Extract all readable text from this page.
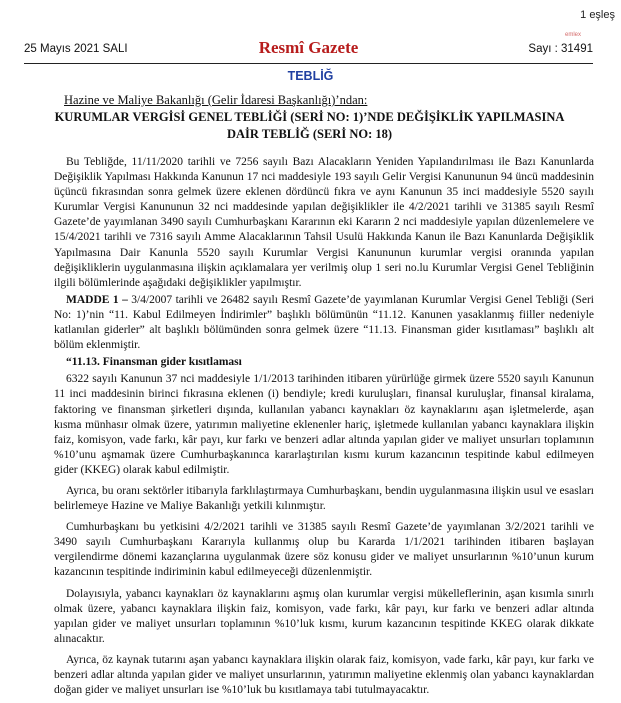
1 eşleş
25 Mayıs 2021 SALI	Resmî Gazete
emlex
Sayı : 31491
TEBLİĞ
Hazine ve Maliye Bakanlığı (Gelir İdaresi Başkanlığı)’ndan:
KURUMLAR VERGİSİ GENEL TEBLİĞİ (SERİ NO: 1)’NDE DEĞİŞİKLİK YAPILMASINA DAİR TEBLİĞ (SERİ NO: 18)

Bu Tebliğde, 11/11/2020 tarihli ve 7256 sayılı Bazı Alacakların Yeniden Yapılandırılması ile Bazı Kanunlarda Değişiklik Yapılması Hakkında Kanunun 17 nci maddesiyle 193 sayılı Gelir Vergisi Kanununun 94 üncü maddesinin üçüncü fıkrasından sonra gelmek üzere eklenen dördüncü fıkra ve aynı Kanunun 35 inci maddesiyle 5520 sayılı Kurumlar Vergisi Kanununun 32 nci maddesinde yapılan değişiklikler ile 4/2/2021 tarihli ve 31385 sayılı Resmî Gazete’de yayımlanan 3490 sayılı Cumhurbaşkanı Kararının eki Kararın 2 nci maddesiyle yapılan düzenlemelere ve 15/4/2021 tarihli ve 7316 sayılı Amme Alacaklarının Tahsil Usulü Hakkında Kanun ile Bazı Kanunlarda Değişiklik Yapılmasına Dair Kanunla 5520 sayılı Kurumlar Vergisi Kanununun kurumlar vergisi oranında yapılan değişikliklerin uygulanmasına ilişkin açıklamalara yer verilmiş olup 1 seri no.lu Kurumlar Vergisi Genel Tebliğinin ilgili bölümlerinde aşağıdaki değişiklikler yapılmıştır.

MADDE 1 – 3/4/2007 tarihli ve 26482 sayılı Resmî Gazete’de yayımlanan Kurumlar Vergisi Genel Tebliği (Seri No: 1)’nin “11. Kabul Edilmeyen İndirimler” başlıklı bölümünün “11.12. Kanunen yasaklanmış fiiller nedeniyle katlanılan giderler” alt başlıklı bölümünden sonra gelmek üzere “11.13. Finansman gider kısıtlaması” başlıklı alt bölüm eklenmiştir.

“11.13. Finansman gider kısıtlaması

6322 sayılı Kanunun 37 nci maddesiyle 1/1/2013 tarihinden itibaren yürürlüğe girmek üzere 5520 sayılı Kanunun 11 inci maddesinin birinci fıkrasına eklenen (i) bendiyle; kredi kuruluşları, finansal kuruluşlar, finansal kiralama, faktoring ve finansman şirketleri dışında, kullanılan yabancı kaynakları öz kaynaklarını aşan işletmelerde, aşan kısma münhasır olmak üzere, yatırımın maliyetine eklenenler hariç, işletmede kullanılan yabancı kaynaklara ilişkin faiz, komisyon, vade farkı, kâr payı, kur farkı ve benzeri adlar altında yapılan gider ve maliyet unsurları toplamının %10’unu aşmamak üzere Cumhurbaşkanınca kararlaştırılan kısmı kurum kazancının tespitinde kabul edilmeyen gider (KKEG) olarak kabul edilmiştir.

Ayrıca, bu oranı sektörler itibarıyla farklılaştırmaya Cumhurbaşkanı, bendin uygulanmasına ilişkin usul ve esasları belirlemeye Hazine ve Maliye Bakanlığı yetkili kılınmıştır.

Cumhurbaşkanı bu yetkisini 4/2/2021 tarihli ve 31385 sayılı Resmî Gazete’de yayımlanan 3/2/2021 tarihli ve 3490 sayılı Cumhurbaşkanı Kararıyla kullanmış olup bu Kararda 1/1/2021 tarihinden itibaren başlayan vergilendirme dönemi kazançlarına uygulanmak üzere söz konusu gider ve maliyet unsurlarının %10’unun kurum kazancının tespitinde indiriminin kabul edilmeyeceği düzenlenmiştir.

Dolayısıyla, yabancı kaynakları öz kaynaklarını aşmış olan kurumlar vergisi mükelleflerinin, aşan kısımla sınırlı olmak üzere, yabancı kaynaklara ilişkin faiz, komisyon, vade farkı, kâr payı, kur farkı ve benzeri adlar altında yapılan gider ve maliyet unsurları toplamının %10’luk kısmı, kurum kazancının tespitinde KKEG olarak dikkate alınacaktır.

Ayrıca, öz kaynak tutarını aşan yabancı kaynaklara ilişkin olarak faiz, komisyon, vade farkı, kâr payı, kur farkı ve benzeri adlar altında yapılan gider ve maliyet unsurlarının, yatırımın maliyetine eklenmiş olan yabancı kaynaklardan doğan gider ve maliyet unsurları ise %10’luk bu kısıtlamaya tabi tutulmayacaktır.
